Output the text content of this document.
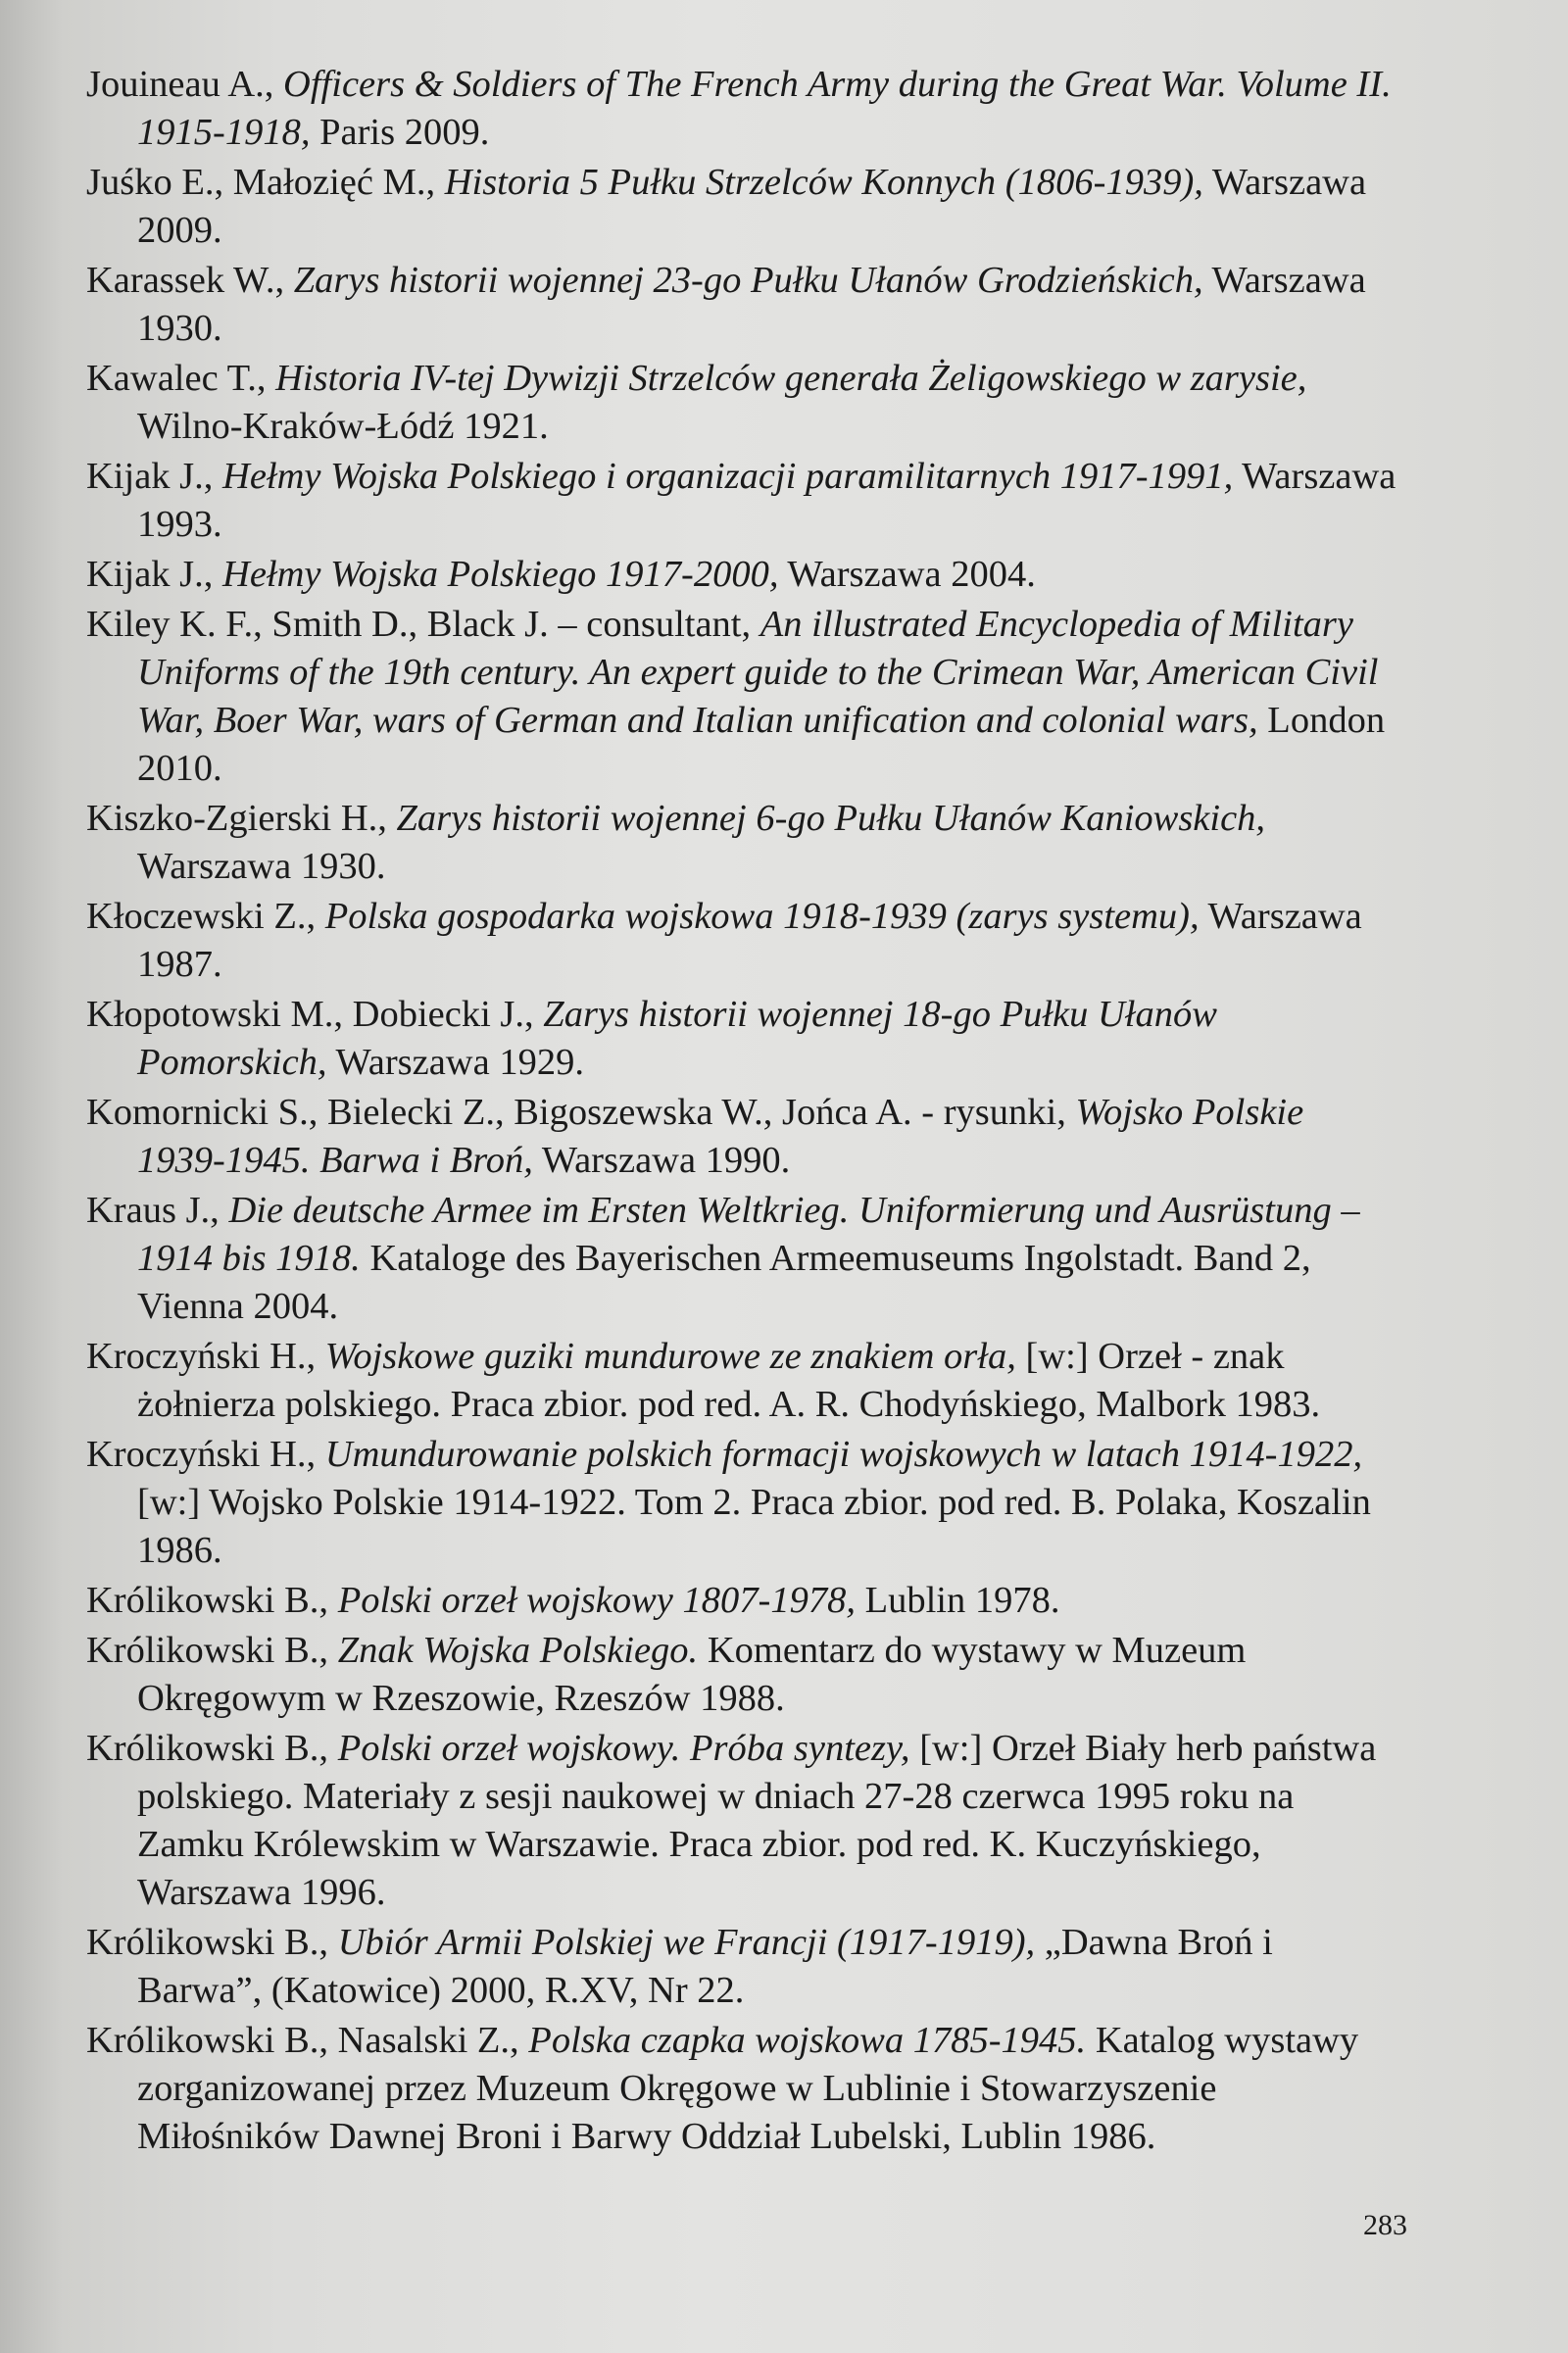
Jouineau A., Officers & Soldiers of The French Army during the Great War. Volume II. 1915-1918, Paris 2009.
Juśko E., Małozięć M., Historia 5 Pułku Strzelców Konnych (1806-1939), Warszawa 2009.
Karassek W., Zarys historii wojennej 23-go Pułku Ułanów Grodzieńskich, Warszawa 1930.
Kawalec T., Historia IV-tej Dywizji Strzelców generała Żeligowskiego w zarysie, Wilno-Kraków-Łódź 1921.
Kijak J., Hełmy Wojska Polskiego i organizacji paramilitarnych 1917-1991, Warszawa 1993.
Kijak J., Hełmy Wojska Polskiego 1917-2000, Warszawa 2004.
Kiley K. F., Smith D., Black J. – consultant, An illustrated Encyclopedia of Military Uniforms of the 19th century. An expert guide to the Crimean War, American Civil War, Boer War, wars of German and Italian unification and colonial wars, London 2010.
Kiszko-Zgierski H., Zarys historii wojennej 6-go Pułku Ułanów Kaniowskich, Warszawa 1930.
Kłoczewski Z., Polska gospodarka wojskowa 1918-1939 (zarys systemu), Warszawa 1987.
Kłopotowski M., Dobiecki J., Zarys historii wojennej 18-go Pułku Ułanów Pomorskich, Warszawa 1929.
Komornicki S., Bielecki Z., Bigoszewska W., Jońca A. - rysunki, Wojsko Polskie 1939-1945. Barwa i Broń, Warszawa 1990.
Kraus J., Die deutsche Armee im Ersten Weltkrieg. Uniformierung und Ausrüstung – 1914 bis 1918. Kataloge des Bayerischen Armeemuseums Ingolstadt. Band 2, Vienna 2004.
Kroczyński H., Wojskowe guziki mundurowe ze znakiem orła, [w:] Orzeł - znak żołnierza polskiego. Praca zbior. pod red. A. R. Chodyńskiego, Malbork 1983.
Kroczyński H., Umundurowanie polskich formacji wojskowych w latach 1914-1922, [w:] Wojsko Polskie 1914-1922. Tom 2. Praca zbior. pod red. B. Polaka, Koszalin 1986.
Królikowski B., Polski orzeł wojskowy 1807-1978, Lublin 1978.
Królikowski B., Znak Wojska Polskiego. Komentarz do wystawy w Muzeum Okręgowym w Rzeszowie, Rzeszów 1988.
Królikowski B., Polski orzeł wojskowy. Próba syntezy, [w:] Orzeł Biały herb państwa polskiego. Materiały z sesji naukowej w dniach 27-28 czerwca 1995 roku na Zamku Królewskim w Warszawie. Praca zbior. pod red. K. Kuczyńskiego, Warszawa 1996.
Królikowski B., Ubiór Armii Polskiej we Francji (1917-1919), „Dawna Broń i Barwa”, (Katowice) 2000, R.XV, Nr 22.
Królikowski B., Nasalski Z., Polska czapka wojskowa 1785-1945. Katalog wystawy zorganizowanej przez Muzeum Okręgowe w Lublinie i Stowarzyszenie Miłośników Dawnej Broni i Barwy Oddział Lubelski, Lublin 1986.
283
